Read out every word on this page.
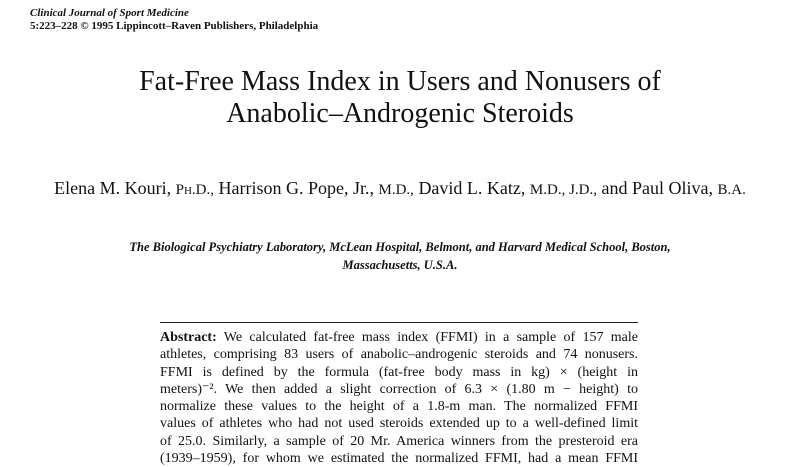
Clinical Journal of Sport Medicine
5:223–228 © 1995 Lippincott–Raven Publishers, Philadelphia
Fat-Free Mass Index in Users and Nonusers of
Anabolic–Androgenic Steroids
Elena M. Kouri, Ph.D., Harrison G. Pope, Jr., M.D., David L. Katz, M.D., J.D., and Paul Oliva, B.A.
The Biological Psychiatry Laboratory, McLean Hospital, Belmont, and Harvard Medical School, Boston,
Massachusetts, U.S.A.
Abstract: We calculated fat-free mass index (FFMI) in a sample of 157 male
athletes, comprising 83 users of anabolic–androgenic steroids and 74 nonusers.
FFMI is defined by the formula (fat-free body mass in kg) × (height in
meters)⁻². We then added a slight correction of 6.3 × (1.80 m − height) to
normalize these values to the height of a 1.8-m man. The normalized FFMI
values of athletes who had not used steroids extended up to a well-defined limit
of 25.0. Similarly, a sample of 20 Mr. America winners from the presteroid era
(1939–1959), for whom we estimated the normalized FFMI, had a mean FFMI
